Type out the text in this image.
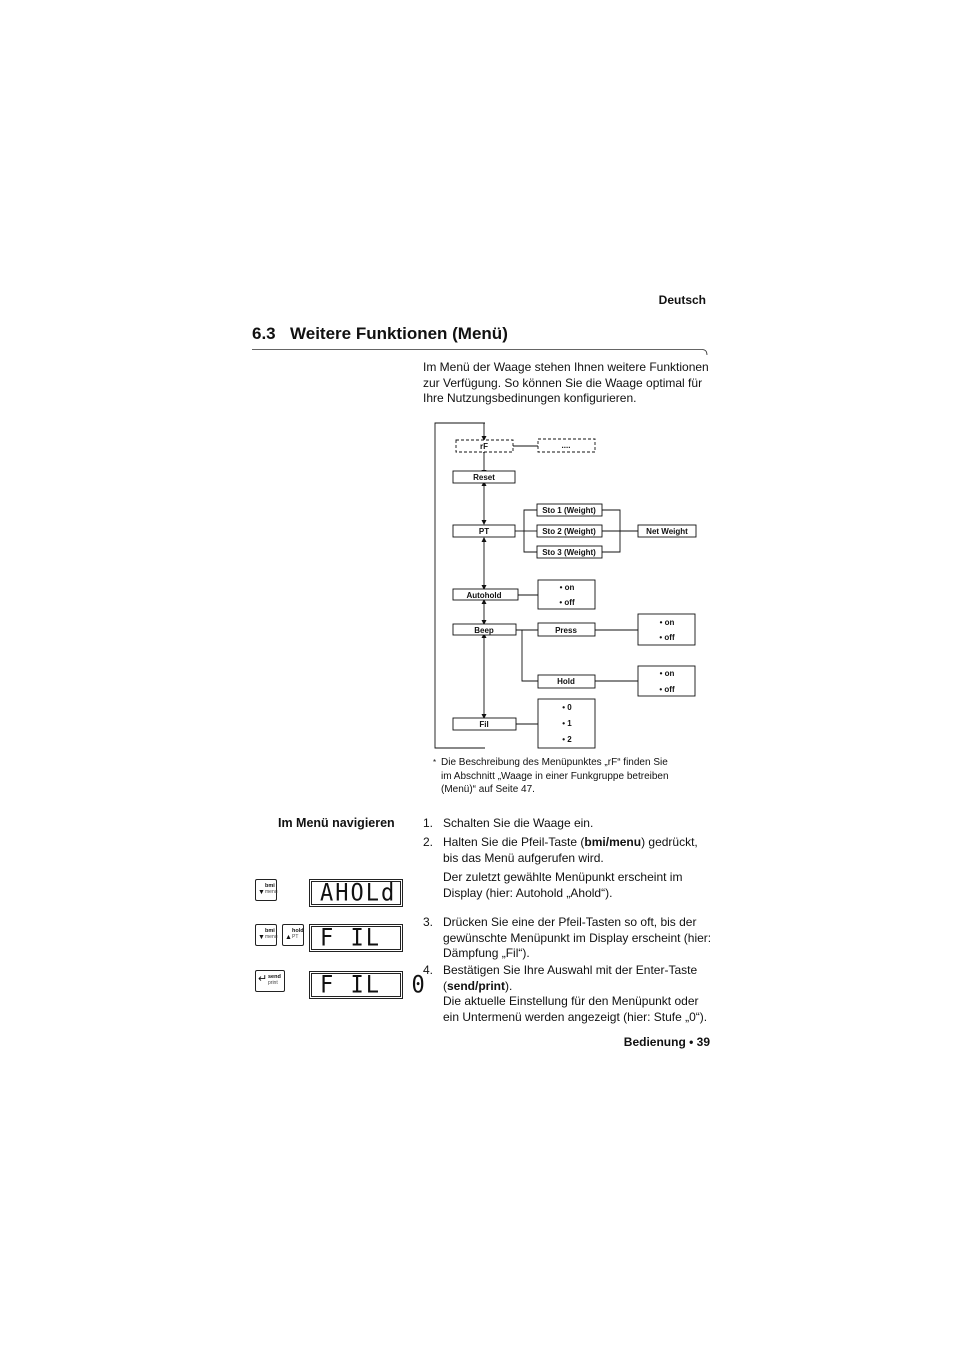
Deutsch
6.3 Weitere Funktionen (Menü)
Im Menü der Waage stehen Ihnen weitere Funktionen zur Verfügung. So können Sie die Waage optimal für Ihre Nutzungsbedinungen konfigurieren.
rF	....
Reset
PT
Sto 1 (Weight)
Sto 2 (Weight)
Sto 3 (Weight)
Net Weight
Autohold
• on
• off
Beep	Press
• on
• off
Hold
• on
• off
Fil
• 0
• 1
• 2
* Die Beschreibung des Menüpunktes „rF“ finden Sie
im Abschnitt „Waage in einer Funkgruppe betreiben
(Menü)“ auf Seite 47.
Im Menü navigieren 1. Schalten Sie die Waage ein.
2. Halten Sie die Pfeil-Taste (bmi/menu) gedrückt, bis das Menü aufgerufen wird.

Der zuletzt gewählte Menüpunkt erscheint im Display (hier: Autohold „Ahold“).

3. Drücken Sie eine der Pfeil-Tasten so oft, bis der gewünschte Menüpunkt im Display erscheint (hier: Dämpfung „Fil“).
4. Bestätigen Sie Ihre Auswahl mit der Enter-Taste (send/print).

Die aktuelle Einstellung für den Menüpunkt oder ein Untermenü werden angezeigt (hier: Stufe „0“).

▼
bmi
menu
▼
bmi
menu ▲
hold
PT
↵ send
print
AHOLd
F IL
F IL  0
Bedienung • 39
